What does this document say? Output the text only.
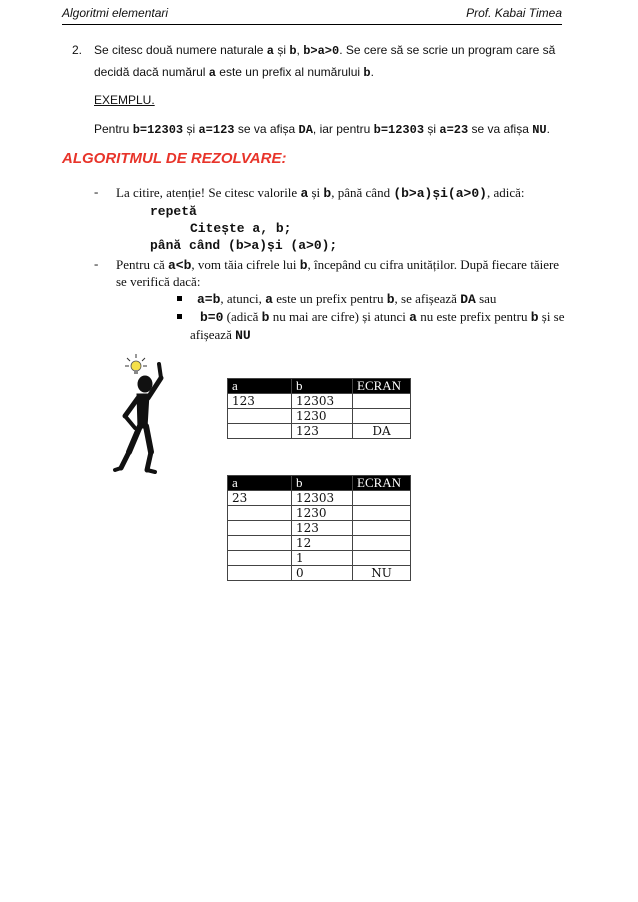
Algoritmi elementari	Prof. Kabai Timea
2. Se citesc două numere naturale a și b, b>a>0. Se cere să se scrie un program care să decidă dacă numărul a este un prefix al numărului b.
EXEMPLU.
Pentru b=12303 și a=123 se va afișa DA, iar pentru b=12303 și a=23 se va afișa NU.
ALGORITMUL DE REZOLVARE:
- La citire, atenție! Se citesc valorile a și b, până când (b>a)și(a>0), adică:
repetă
Citește a, b;
până când (b>a)și (a>0);
- Pentru că a<b, vom tăia cifrele lui b, începând cu cifra unităților. După fiecare tăiere
se verifică dacă:
a=b, atunci, a este un prefix pentru b, se afișează DA sau
b=0 (adică b nu mai are cifre) și atunci a nu este prefix pentru b și se
afișează NU
a	b	ECRAN
123	12303	
	1230	
	123	DA
a	b	ECRAN
23	12303	
	1230	
	123	
	12	
	1	
	0	NU
